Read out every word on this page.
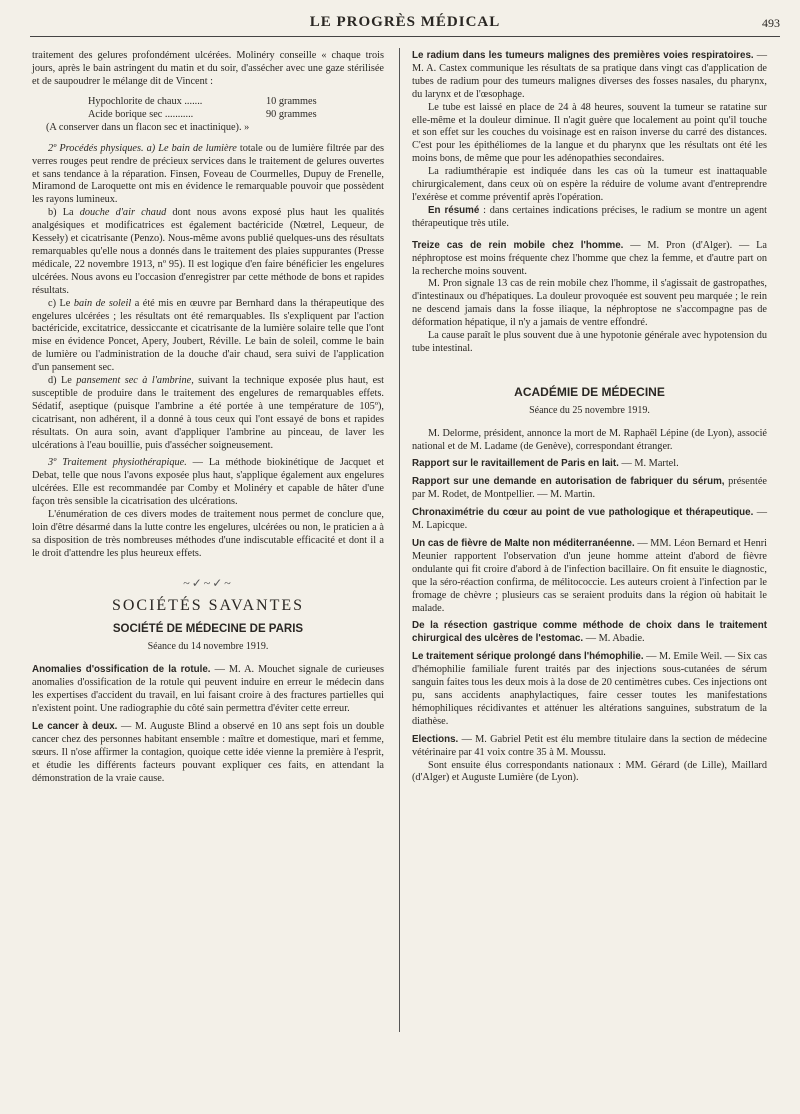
LE PROGRÈS MÉDICAL	493

traitement des gelures profondément ulcérées. Molinéry conseille « chaque trois jours, après le bain astringent du matin et du soir, d'assécher avec une gaze stérilisée et de saupoudrer le mélange dit de Vincent :

Hypochlorite de chaux .......	10 grammes
Acide borique sec ...........	90 grammes
(A conserver dans un flacon sec et inactinique). »

2º Procédés physiques. a) Le bain de lumière totale ou de lumière filtrée par des verres rouges peut rendre de précieux services dans le traitement de gelures ouvertes et sans tendance à la réparation. Finsen, Foveau de Courmelles, Dupuy de Frenelle, Miramond de Laroquette ont mis en évidence le remarquable pouvoir que possèdent les rayons lumineux.

b) La douche d'air chaud dont nous avons exposé plus haut les qualités analgésiques et modificatrices est également bactéricide (Nœtrel, Lequeur, de Kesseły) et cicatrisante (Penzo). Nous-même avons publié quelques-uns des résultats remarquables qu'elle nous a donnés dans le traitement des plaies suppurantes (Presse médicale, 22 novembre 1913, nº 95). Il est logique d'en faire bénéficier les engelures ulcérées. Nous avons eu l'occasion d'enregistrer par cette méthode de bons et rapides résultats.

c) Le bain de soleil a été mis en œuvre par Bernhard dans la thérapeutique des engelures ulcérées ; les résultats ont été remarquables. Ils s'expliquent par l'action bactéricide, excitatrice, dessiccante et cicatrisante de la lumière solaire telle que l'ont mise en évidence Poncet, Apery, Joubert, Réville. Le bain de soleil, comme le bain de lumière ou l'administration de la douche d'air chaud, sera suivi de l'application d'un pansement sec.

d) Le pansement sec à l'ambrine, suivant la technique exposée plus haut, est susceptible de produire dans le traitement des engelures de remarquables effets. Sédatif, aseptique (puisque l'ambrine a été portée à une température de 105º), cicatrisant, non adhérent, il a donné à tous ceux qui l'ont essayé de bons et rapides résultats. On aura soin, avant d'appliquer l'ambrine au pinceau, de laver les ulcérations à l'eau bouillie, puis d'assécher soigneusement.

3º Traitement physiothérapique. — La méthode biokinétique de Jacquet et Debat, telle que nous l'avons exposée plus haut, s'applique également aux engelures ulcérées. Elle est recommandée par Comby et Molinéry et capable de hâter d'une façon très sensible la cicatrisation des ulcérations.

L'énumération de ces divers modes de traitement nous permet de conclure que, loin d'être désarmé dans la lutte contre les engelures, ulcérées ou non, le praticien a à sa disposition de très nombreuses méthodes d'une indiscutable efficacité et dont il a le droit d'attendre les plus heureux effets.

~✓~✓~
SOCIÉTÉS SAVANTES
SOCIÉTÉ DE MÉDECINE DE PARIS
Séance du 14 novembre 1919.

Anomalies d'ossification de la rotule. — M. A. Mouchet signale de curieuses anomalies d'ossification de la rotule qui peuvent induire en erreur le médecin dans les expertises d'accident du travail, en lui faisant croire à des fractures partielles qui n'existent point. Une radiographie du côté sain permettra d'éviter cette erreur.

Le cancer à deux. — M. Auguste Blind a observé en 10 ans sept fois un double cancer chez des personnes habitant ensemble : maître et domestique, mari et femme, sœurs. Il n'ose affirmer la contagion, quoique cette idée vienne la première à l'esprit, et étudie les différents facteurs pouvant expliquer ces faits, en attendant la démonstration de la vraie cause.

Le radium dans les tumeurs malignes des premières voies respiratoires. — M. A. Castex communique les résultats de sa pratique dans vingt cas d'application de tubes de radium pour des tumeurs malignes diverses des fosses nasales, du pharynx, du larynx et de l'œsophage.

Le tube est laissé en place de 24 à 48 heures, souvent la tumeur se ratatine sur elle-même et la douleur diminue. Il n'agit guère que localement au point qu'il touche et son effet sur les couches du voisinage est en raison inverse du carré des distances. C'est pour les épithéliomes de la langue et du pharynx que les résultats ont été les moins bons, de même que pour les adénopathies secondaires.

La radiumthérapie est indiquée dans les cas où la tumeur est inattaquable chirurgicalement, dans ceux où on espère la réduire de volume avant d'entreprendre l'exérèse et comme préventif après l'opération.

En résumé : dans certaines indications précises, le radium se montre un agent thérapeutique très utile.

Treize cas de rein mobile chez l'homme. — M. Pron (d'Alger). — La néphroptose est moins fréquente chez l'homme que chez la femme, et d'autre part on la recherche moins souvent.

M. Pron signale 13 cas de rein mobile chez l'homme, il s'agissait de gastropathes, d'intestinaux ou d'hépatiques. La douleur provoquée est souvent peu marquée ; le rein ne descend jamais dans la fosse iliaque, la néphroptose ne s'accompagne pas de déformation hépatique, il n'y a jamais de ventre effondré.

La cause paraît le plus souvent due à une hypotonie générale avec hypotension du tube intestinal.

ACADÉMIE DE MÉDECINE
Séance du 25 novembre 1919.

M. Delorme, président, annonce la mort de M. Raphaël Lépine (de Lyon), associé national et de M. Ladame (de Genève), correspondant étranger.

Rapport sur le ravitaillement de Paris en lait. — M. Martel.

Rapport sur une demande en autorisation de fabriquer du sérum, présentée par M. Rodet, de Montpellier. — M. Martin.

Chronaximétrie du cœur au point de vue pathologique et thérapeutique. — M. Lapicque.

Un cas de fièvre de Malte non méditerranéenne. — MM. Léon Bernard et Henri Meunier rapportent l'observation d'un jeune homme atteint d'abord de fièvre ondulante qui fit croire d'abord à de l'infection bacillaire. On fit ensuite le diagnostic, que la séro-réaction confirma, de mélitococcie. Les auteurs croient à l'infection par le fromage de chèvre ; plusieurs cas se seraient produits dans la région où habitait le malade.

De la résection gastrique comme méthode de choix dans le traitement chirurgical des ulcères de l'estomac. — M. Abadie.

Le traitement sérique prolongé dans l'hémophilie. — M. Emile Weil. — Six cas d'hémophilie familiale furent traités par des injections sous-cutanées de sérum sanguin faites tous les deux mois à la dose de 20 centimètres cubes. Ces injections ont pu, sans accidents anaphylactiques, faire cesser toutes les manifestations hémophiliques récidivantes et atténuer les altérations sanguines, substratum de la diathèse.

Elections. — M. Gabriel Petit est élu membre titulaire dans la section de médecine vétérinaire par 41 voix contre 35 à M. Moussu.

Sont ensuite élus correspondants nationaux : MM. Gérard (de Lille), Maillard (d'Alger) et Auguste Lumière (de Lyon).
